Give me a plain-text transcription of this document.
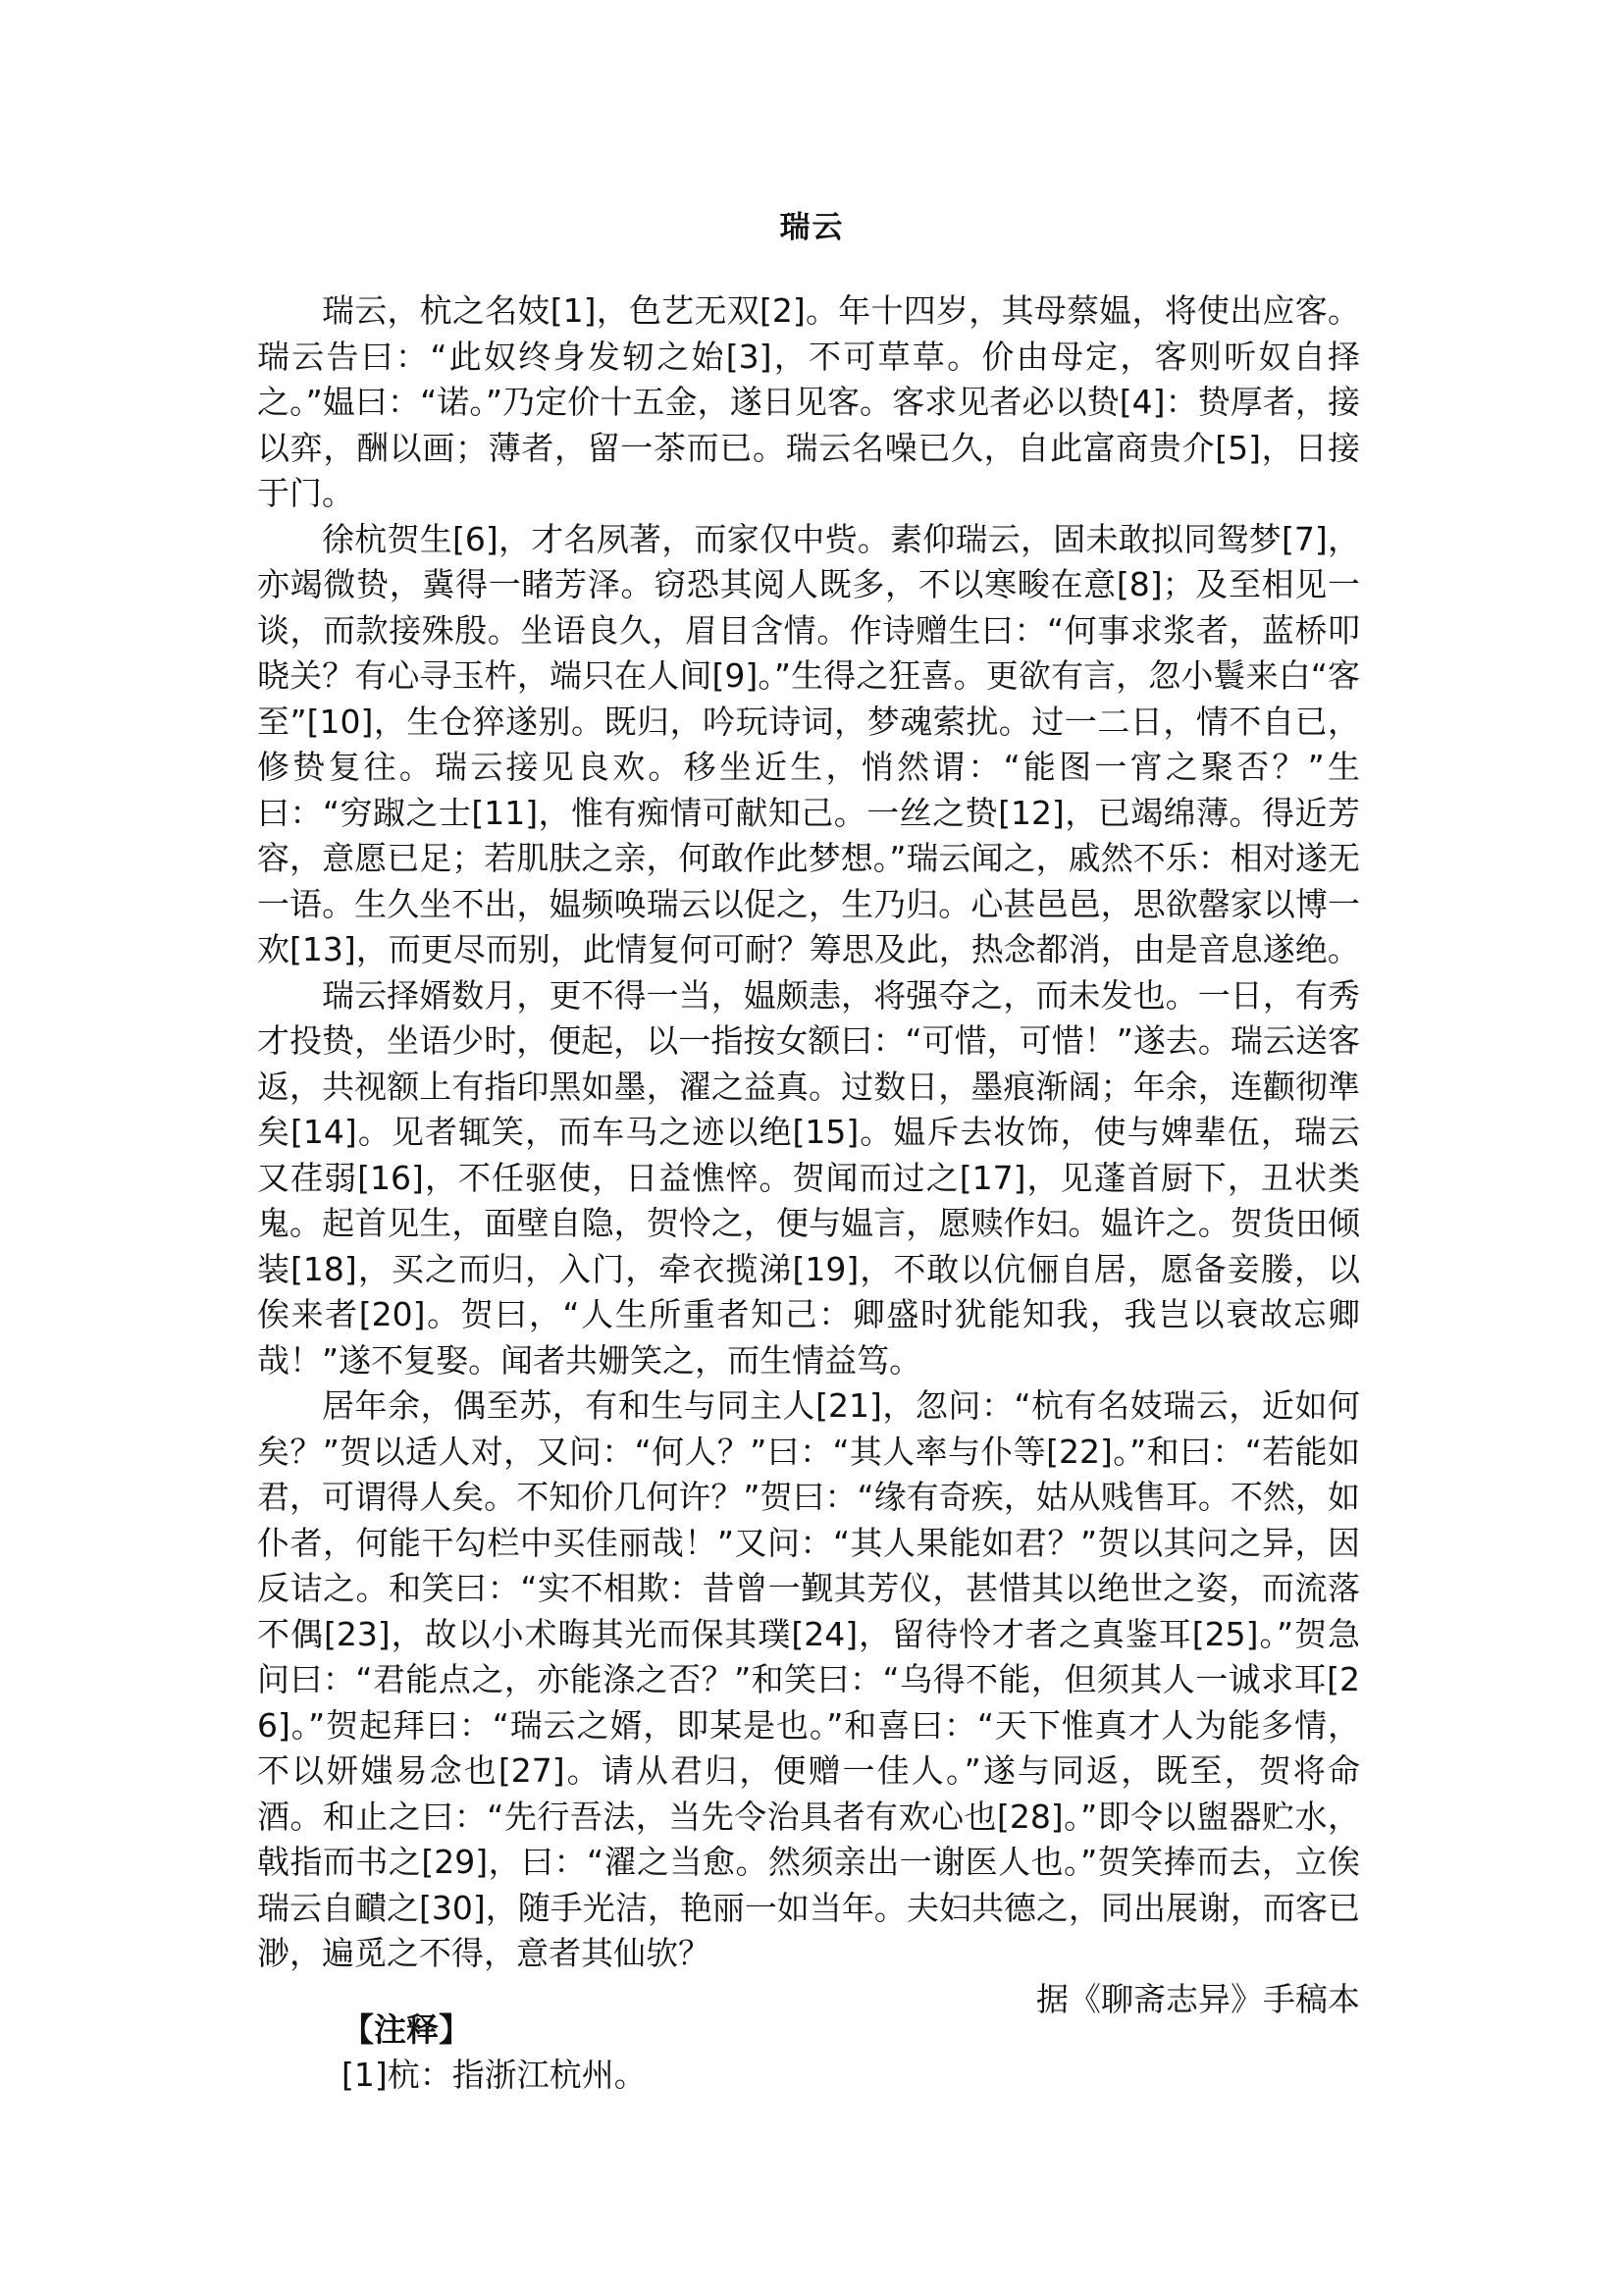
瑞云

瑞云，杭之名妓[1]，色艺无双[2]。年十四岁，其母蔡媪，将使出应客。瑞云告曰：“此奴终身发轫之始[3]，不可草草。价由母定，客则听奴自择之。”媪曰：“诺。”乃定价十五金，遂日见客。客求见者必以贽[4]：贽厚者，接以弈，酬以画；薄者，留一茶而已。瑞云名噪已久，自此富商贵介[5]，日接于门。

徐杭贺生[6]，才名夙著，而家仅中赀。素仰瑞云，固未敢拟同鸳梦[7]，亦竭微贽，冀得一睹芳泽。窃恐其阅人既多，不以寒畯在意[8]；及至相见一谈，而款接殊殷。坐语良久，眉目含情。作诗赠生曰：“何事求浆者，蓝桥叩晓关？有心寻玉杵，端只在人间[9]。”生得之狂喜。更欲有言，忽小鬟来白“客至”[10]，生仓猝遂别。既归，吟玩诗词，梦魂萦扰。过一二日，情不自已，修贽复往。瑞云接见良欢。移坐近生，悄然谓：“能图一宵之聚否？”生曰：“穷踧之士[11]，惟有痴情可献知己。一丝之贽[12]，已竭绵薄。得近芳容，意愿已足；若肌肤之亲，何敢作此梦想。”瑞云闻之，戚然不乐：相对遂无一语。生久坐不出，媪频唤瑞云以促之，生乃归。心甚邑邑，思欲罄家以博一欢[13]，而更尽而别，此情复何可耐？筹思及此，热念都消，由是音息遂绝。

瑞云择婿数月，更不得一当，媪颇恚，将强夺之，而未发也。一日，有秀才投贽，坐语少时，便起，以一指按女额曰：“可惜，可惜！”遂去。瑞云送客返，共视额上有指印黑如墨，濯之益真。过数日，墨痕渐阔；年余，连颧彻準矣[14]。见者辄笑，而车马之迹以绝[15]。媪斥去妆饰，使与婢辈伍，瑞云又荏弱[16]，不任驱使，日益憔悴。贺闻而过之[17]，见蓬首厨下，丑状类鬼。起首见生，面壁自隐，贺怜之，便与媪言，愿赎作妇。媪许之。贺货田倾装[18]，买之而归，入门，牵衣揽涕[19]，不敢以伉俪自居，愿备妾媵，以俟来者[20]。贺曰，“人生所重者知己：卿盛时犹能知我，我岂以衰故忘卿哉！”遂不复娶。闻者共姗笑之，而生情益笃。

居年余，偶至苏，有和生与同主人[21]，忽问：“杭有名妓瑞云，近如何矣？”贺以适人对，又问：“何人？”曰：“其人率与仆等[22]。”和曰：“若能如君，可谓得人矣。不知价几何许？”贺曰：“缘有奇疾，姑从贱售耳。不然，如仆者，何能干勾栏中买佳丽哉！”又问：“其人果能如君？”贺以其问之异，因反诘之。和笑曰：“实不相欺：昔曾一觐其芳仪，甚惜其以绝世之姿，而流落不偶[23]，故以小术晦其光而保其璞[24]，留待怜才者之真鉴耳[25]。”贺急问曰：“君能点之，亦能涤之否？”和笑曰：“乌得不能，但须其人一诚求耳[26]。”贺起拜曰：“瑞云之婿，即某是也。”和喜曰：“天下惟真才人为能多情，不以妍媸易念也[27]。请从君归，便赠一佳人。”遂与同返，既至，贺将命酒。和止之曰：“先行吾法，当先令治具者有欢心也[28]。”即令以盥器贮水，戟指而书之[29]，曰：“濯之当愈。然须亲出一谢医人也。”贺笑捧而去，立俟瑞云自靧之[30]，随手光洁，艳丽一如当年。夫妇共德之，同出展谢，而客已渺，遍觅之不得，意者其仙欤？

据《聊斋志异》手稿本

【注释】
[1]杭：指浙江杭州。
